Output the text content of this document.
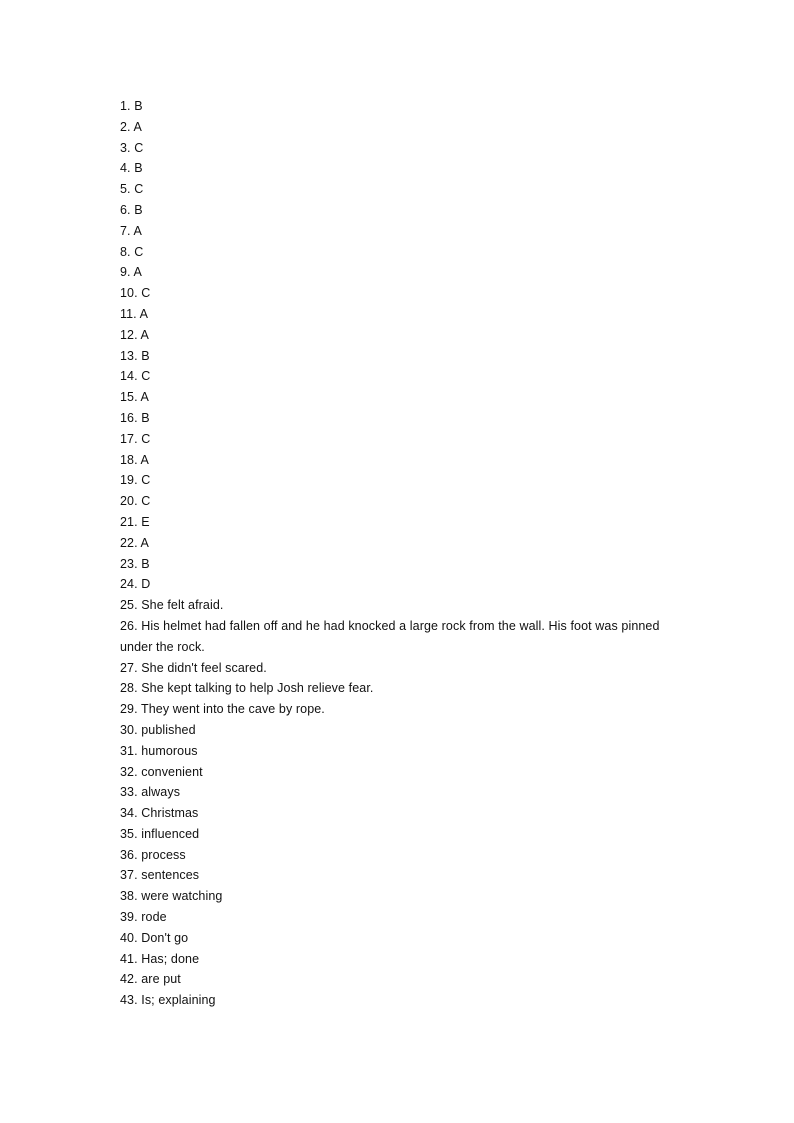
1. B
2. A
3. C
4. B
5. C
6. B
7. A
8. C
9. A
10. C
11. A
12. A
13. B
14. C
15. A
16. B
17. C
18. A
19. C
20. C
21. E
22. A
23. B
24. D
25. She felt afraid.
26. His helmet had fallen off and he had knocked a large rock from the wall. His foot was pinned under the rock.
27. She didn't feel scared.
28. She kept talking to help Josh relieve fear.
29. They went into the cave by rope.
30. published
31. humorous
32. convenient
33. always
34. Christmas
35. influenced
36. process
37. sentences
38. were watching
39. rode
40. Don't go
41. Has; done
42. are put
43. Is; explaining
